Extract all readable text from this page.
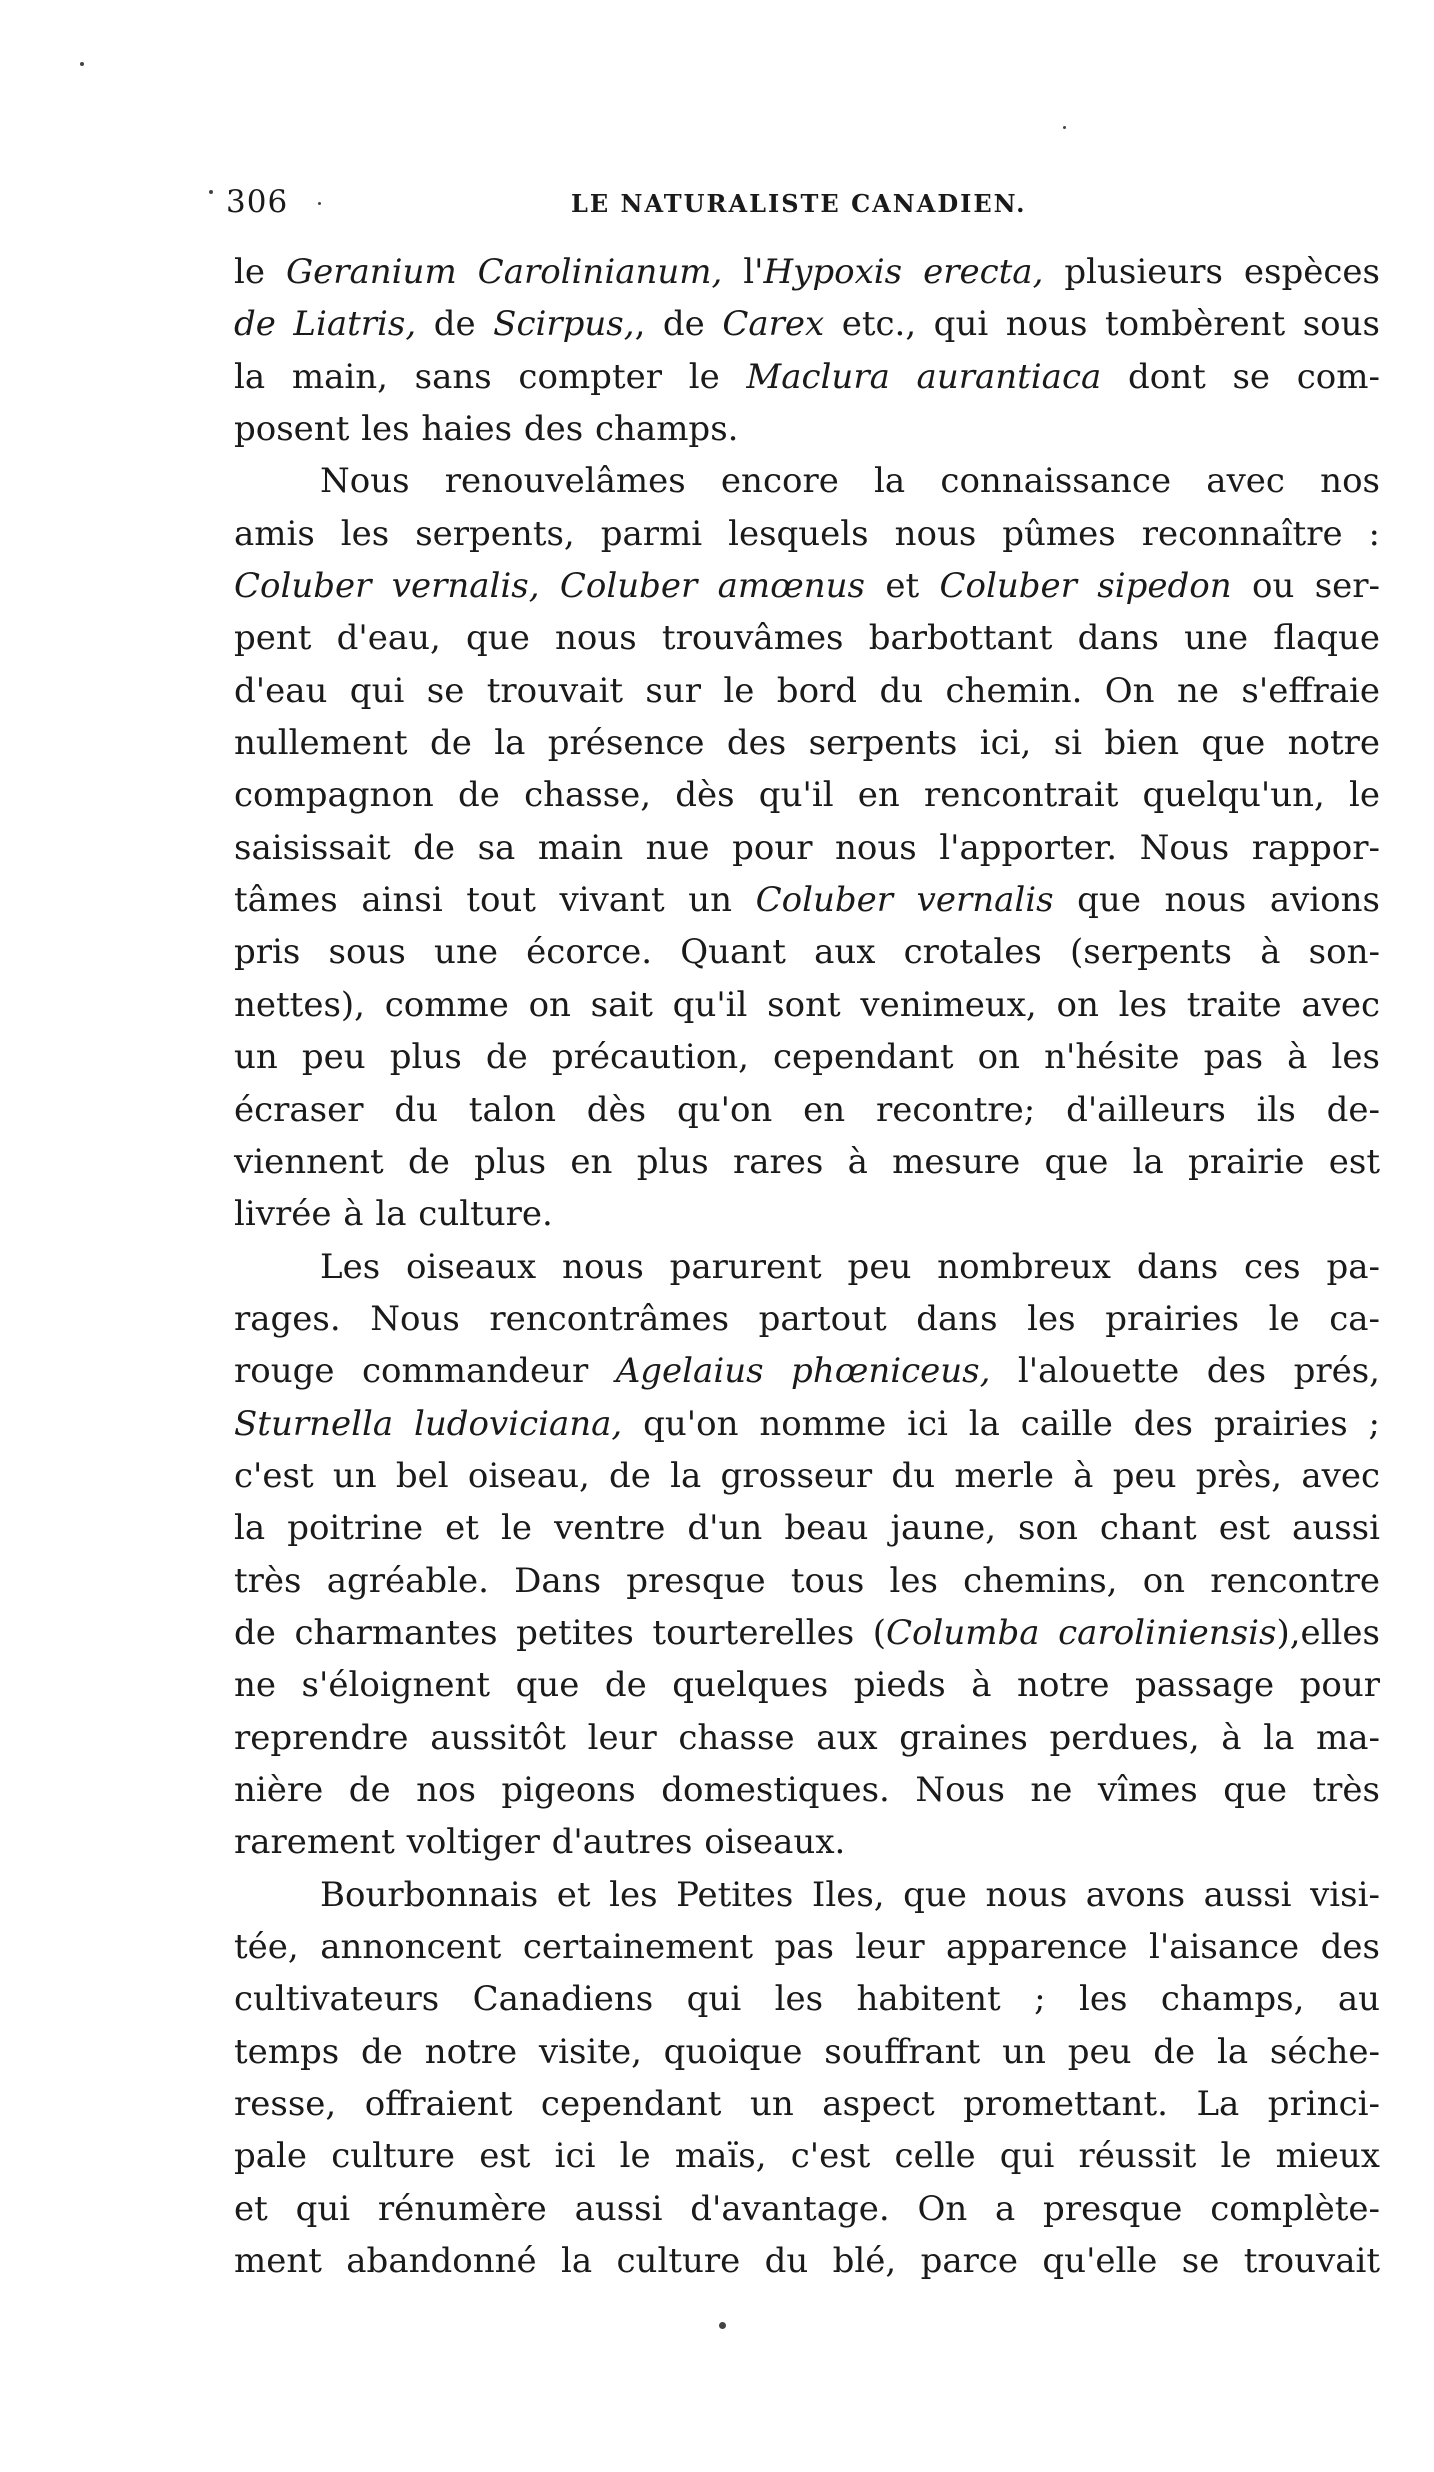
306	LE NATURALISTE CANADIEN.
le Geranium Carolinianum, l'Hypoxis erecta, plusieurs espèces
de Liatris, de Scirpus,, de Carex etc., qui nous tombèrent sous
la main, sans compter le Maclura aurantiaca dont se com-
posent les haies des champs.
Nous renouvelâmes encore la connaissance avec nos
amis les serpents, parmi lesquels nous pûmes reconnaître :
Coluber vernalis, Coluber amœnus et Coluber sipedon ou ser-
pent d'eau, que nous trouvâmes barbottant dans une flaque
d'eau qui se trouvait sur le bord du chemin. On ne s'effraie
nullement de la présence des serpents ici, si bien que notre
compagnon de chasse, dès qu'il en rencontrait quelqu'un, le
saisissait de sa main nue pour nous l'apporter. Nous rappor-
tâmes ainsi tout vivant un Coluber vernalis que nous avions
pris sous une écorce. Quant aux crotales (serpents à son-
nettes), comme on sait qu'il sont venimeux, on les traite avec
un peu plus de précaution, cependant on n'hésite pas à les
écraser du talon dès qu'on en recontre; d'ailleurs ils de-
viennent de plus en plus rares à mesure que la prairie est
livrée à la culture.
Les oiseaux nous parurent peu nombreux dans ces pa-
rages. Nous rencontrâmes partout dans les prairies le ca-
rouge commandeur Agelaius phœniceus, l'alouette des prés,
Sturnella ludoviciana, qu'on nomme ici la caille des prairies ;
c'est un bel oiseau, de la grosseur du merle à peu près, avec
la poitrine et le ventre d'un beau jaune, son chant est aussi
très agréable. Dans presque tous les chemins, on rencontre
de charmantes petites tourterelles (Columba caroliniensis),elles
ne s'éloignent que de quelques pieds à notre passage pour
reprendre aussitôt leur chasse aux graines perdues, à la ma-
nière de nos pigeons domestiques. Nous ne vîmes que très
rarement voltiger d'autres oiseaux.
Bourbonnais et les Petites Iles, que nous avons aussi visi-
tée, annoncent certainement pas leur apparence l'aisance des
cultivateurs Canadiens qui les habitent ; les champs, au
temps de notre visite, quoique souffrant un peu de la séche-
resse, offraient cependant un aspect promettant. La princi-
pale culture est ici le maïs, c'est celle qui réussit le mieux
et qui rénumère aussi d'avantage. On a presque complète-
ment abandonné la culture du blé, parce qu'elle se trouvait
